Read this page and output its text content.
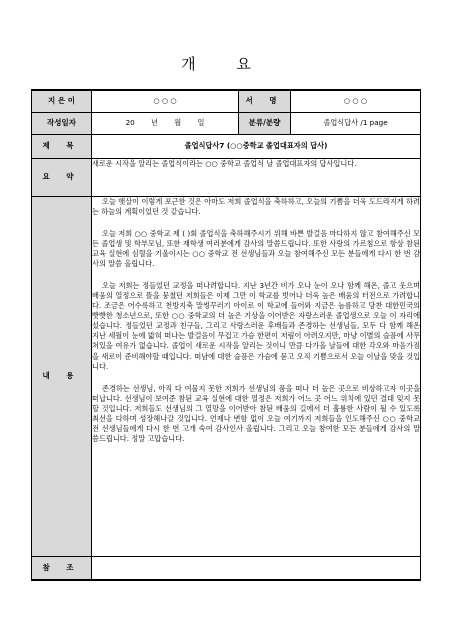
개 요
지 은 이	○ ○ ○	서 명	○ ○ ○
작성일자	20 년 월 일	분류/분량	졸업식답사 /1 page
제 목	졸업식답사7 (○○중학교 졸업대표자의 답사)		
요 약	새로운 시작을 알리는 졸업식이라는 ○○ 중학교 졸업식 날 졸업대표자의 답사입니다.		
내 용	오늘 햇살이 이렇게 포근한 것은 아마도 저희 졸업식을 축하하고, 오늘의 기쁨을 더욱 도드라지게 하려는 하늘의 계획이었던 것 같습니다.

오늘 저희 ○○ 중학교 제 ( )회 졸업식을 축하해주시기 위해 바쁜 발걸음 마다하지 않고 참여해주신 모든 졸업생 및 학부모님, 또한 재학생 여러분에게 감사의 말씀드립니다. 또한 사랑의 가르침으로 항상 참된 교육 실현에 심혈을 기울이시는 ○○ 중학교 전 선생님들과 오늘 참여해주신 모든 분들에게 다시 한 번 감사의 말씀 올립니다.

오늘 저희는 정들었던 교정을 떠나려합니다. 지난 3년간 비가 오나 눈이 오나 함께 해온, 졸고 웃으며 배움의 열정으로 뜰을 뭉쳤던 저희들은 이제 그만 이 학교를 벗어나 더욱 높은 배움의 터전으로 가려합니다. 조금은 어수룩하고 천방지축 말썽꾸러기 아이로 이 학교에 들어와 지금은 늠름하고 당찬 대한민국의 빳빳한 청소년으로, 또한 ○○ 중학교의 더 높은 기상을 이어받은 자랑스러운 졸업생으로 오늘 이 자리에 섰습니다. 정들었던 교정과 친구들, 그리고 사랑스러운 후배들과 존경하는 선생님들, 모두 다 함께 해온 지난 세월이 눈에 밟혀 떠나는 발걸음이 무겁고 가슴 한편이 저림이 아려오지만, 마냥 이별의 슬픔에 사무쳐있을 여유가 없습니다. 졸업이 새로운 시작을 알리는 것이니 만큼 다가올 날들에 대한 각오와 마음가짐을 새로이 준비해야할 때입니다. 떠남에 대한 슬픔은 가슴에 묻고 오직 기쁨으로서 오늘 이날을 맞을 것입니다.

존경하는 선생님, 아직 다 여물지 못한 저희가 선생님의 품을 떠나 더 높은 곳으로 비상하고자 이곳을 떠납니다. 선생님이 보여준 참된 교육 실현에 대한 열정은 저희가 어느 곳 어느 위치에 있던 결대 잊지 못할 것입니다. 저희들도 선생님의 그 열망을 이어받아 참된 배움의 길에서 더 훌륭한 사람이 될 수 있도록 최선을 다하며 성장해나갈 것입니다. 언제나 변함 없이 오늘 여기까지 저희들을 인도해주신 ○○ 중학교 전 선생님들에게 다시 한 번 고개 숙여 감사인사 올립니다. 그리고 오늘 참여한 모든 분들에게 감사의 말씀드립니다. 정말 고맙습니다.		

참 조			
